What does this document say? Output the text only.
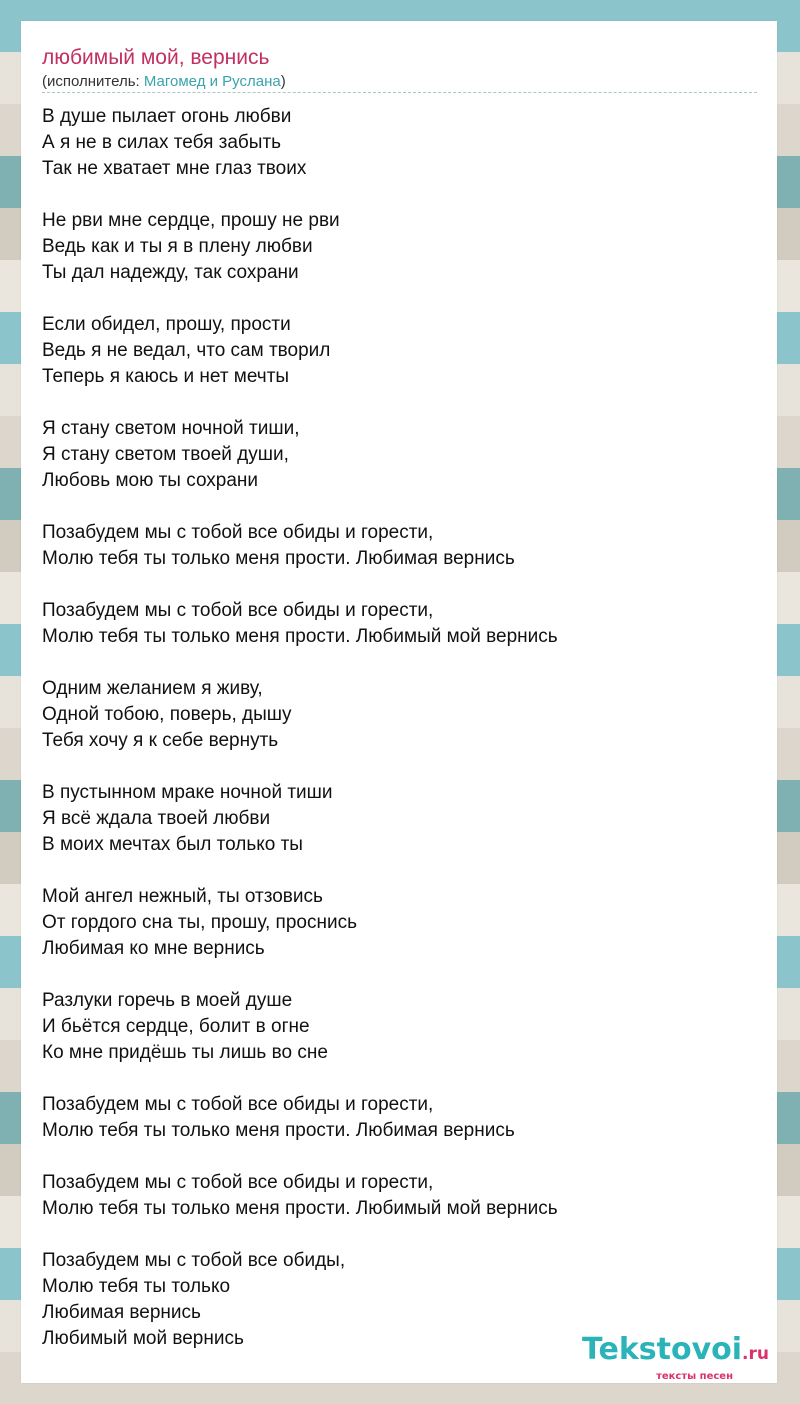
любимый мой, вернись
(исполнитель: Магомед и Руслана)
В душе пылает огонь любви
А я не в силах тебя забыть
Так не хватает мне глаз твоих
Не рви мне сердце, прошу не рви
Ведь как и ты я в плену любви
Ты дал надежду, так сохрани
Если обидел, прошу, прости
Ведь я не ведал, что сам творил
Теперь я каюсь и нет мечты
Я стану светом ночной тиши,
Я стану светом твоей души,
Любовь мою ты сохрани
Позабудем мы с тобой все обиды и горести,
Молю тебя ты только меня прости. Любимая вернись
Позабудем мы с тобой все обиды и горести,
Молю тебя ты только меня прости. Любимый мой вернись
Одним желанием я живу,
Одной тобою, поверь, дышу
Тебя хочу я к себе вернуть
В пустынном мраке ночной тиши
Я всё ждала твоей любви
В моих мечтах был только ты
Мой ангел нежный, ты отзовись
От гордого сна ты, прошу, проснись
Любимая ко мне вернись
Разлуки горечь в моей душе
И бьётся сердце, болит в огне
Ко мне придёшь ты лишь во сне
Позабудем мы с тобой все обиды и горести,
Молю тебя ты только меня прости. Любимая вернись
Позабудем мы с тобой все обиды и горести,
Молю тебя ты только меня прости. Любимый мой вернись
Позабудем мы с тобой все обиды,
Молю тебя ты только
Любимая вернись
Любимый мой вернись	Tekstovoi.ru
тексты песен
